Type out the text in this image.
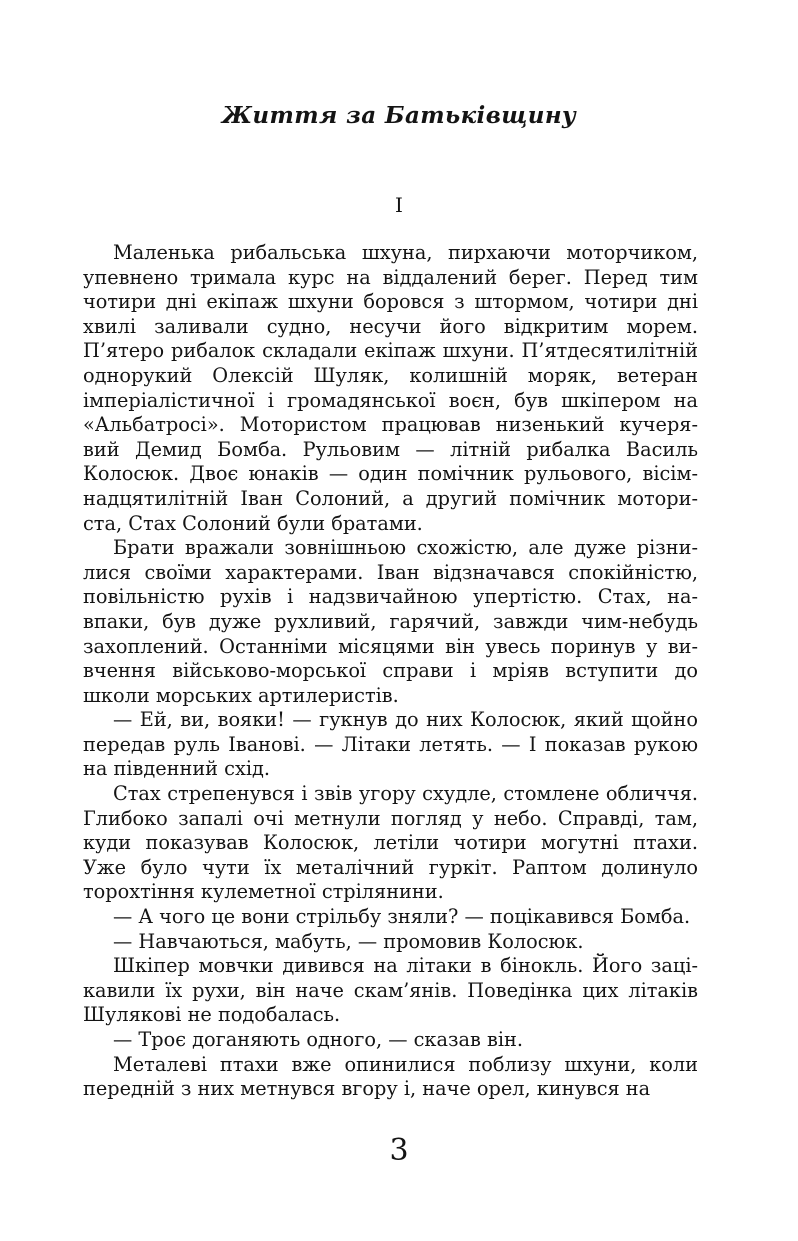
Життя за Батьківщину
I
Маленька рибальська шхуна, пирхаючи моторчиком,
упевнено тримала курс на віддалений берег. Перед тим
чотири дні екіпаж шхуни боровся з штормом, чотири дні
хвилі заливали судно, несучи його відкритим морем.
П’ятеро рибалок складали екіпаж шхуни. П’ятдесятилітній
однорукий Олексій Шуляк, колишній моряк, ветеран
імперіалістичної і громадянської воєн, був шкіпером на
«Альбатросі». Мотористом працював низенький кучеря-
вий Демид Бомба. Рульовим — літній рибалка Василь
Колосюк. Двоє юнаків — один помічник рульового, вісім-
надцятилітній Іван Солоний, а другий помічник мотори-
ста, Стах Солоний були братами.
Брати вражали зовнішньою схожістю, але дуже різни-
лися своїми характерами. Іван відзначався спокійністю,
повільністю рухів і надзвичайною упертістю. Стах, на-
впаки, був дуже рухливий, гарячий, завжди чим-небудь
захоплений. Останніми місяцями він увесь поринув у ви-
вчення військово-морської справи і мріяв вступити до
школи морських артилеристів.
— Ей, ви, вояки! — гукнув до них Колосюк, який щойно
передав руль Іванові. — Літаки летять. — І показав рукою
на південний схід.
Стах стрепенувся і звів угору схудле, стомлене обличчя.
Глибоко запалі очі метнули погляд у небо. Справді, там,
куди показував Колосюк, летіли чотири могутні птахи.
Уже було чути їх металічний гуркіт. Раптом долинуло
торохтіння кулеметної стрілянини.
— А чого це вони стрільбу зняли? — поцікавився Бомба.
— Навчаються, мабуть, — промовив Колосюк.
Шкіпер мовчки дивився на літаки в бінокль. Його заці-
кавили їх рухи, він наче скам’янів. Поведінка цих літаків
Шулякові не подобалась.
— Троє доганяють одного, — сказав він.
Металеві птахи вже опинилися поблизу шхуни, коли
передній з них метнувся вгору і, наче орел, кинувся на
3
